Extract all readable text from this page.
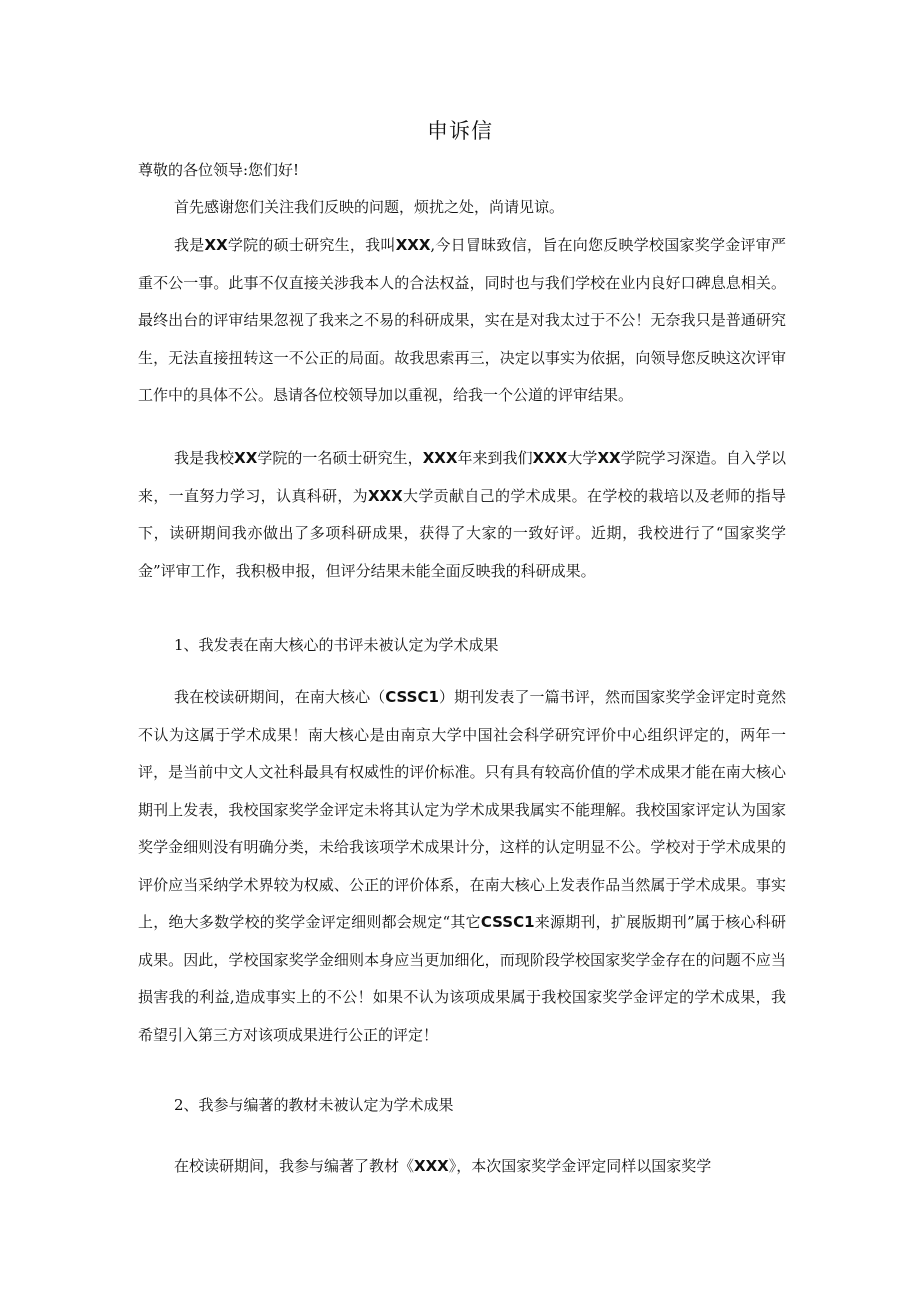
申诉信
尊敬的各位领导:您们好!

首先感谢您们关注我们反映的问题，烦扰之处，尚请见谅。

我是XX学院的硕士研究生，我叫XXX,今日冒昧致信，旨在向您反映学校国家奖学金评审严重不公一事。此事不仅直接关涉我本人的合法权益，同时也与我们学校在业内良好口碑息息相关。最终出台的评审结果忽视了我来之不易的科研成果，实在是对我太过于不公！无奈我只是普通研究生，无法直接扭转这一不公正的局面。故我思索再三，决定以事实为依据，向领导您反映这次评审工作中的具体不公。恳请各位校领导加以重视，给我一个公道的评审结果。

我是我校XX学院的一名硕士研究生，XXX年来到我们XXX大学XX学院学习深造。自入学以来，一直努力学习，认真科研，为XXX大学贡献自己的学术成果。在学校的栽培以及老师的指导下，读研期间我亦做出了多项科研成果，获得了大家的一致好评。近期，我校进行了“国家奖学金”评审工作，我积极申报，但评分结果未能全面反映我的科研成果。

1、我发表在南大核心的书评未被认定为学术成果

我在校读研期间，在南大核心（CSSC1）期刊发表了一篇书评，然而国家奖学金评定时竟然不认为这属于学术成果！南大核心是由南京大学中国社会科学研究评价中心组织评定的，两年一评，是当前中文人文社科最具有权威性的评价标准。只有具有较高价值的学术成果才能在南大核心期刊上发表，我校国家奖学金评定未将其认定为学术成果我属实不能理解。我校国家评定认为国家奖学金细则没有明确分类，未给我该项学术成果计分，这样的认定明显不公。学校对于学术成果的评价应当采纳学术界较为权威、公正的评价体系，在南大核心上发表作品当然属于学术成果。事实上，绝大多数学校的奖学金评定细则都会规定“其它CSSC1来源期刊，扩展版期刊”属于核心科研成果。因此，学校国家奖学金细则本身应当更加细化，而现阶段学校国家奖学金存在的问题不应当损害我的利益,造成事实上的不公！如果不认为该项成果属于我校国家奖学金评定的学术成果，我希望引入第三方对该项成果进行公正的评定！

2、我参与编著的教材未被认定为学术成果

在校读研期间，我参与编著了教材《XXX》，本次国家奖学金评定同样以国家奖学
